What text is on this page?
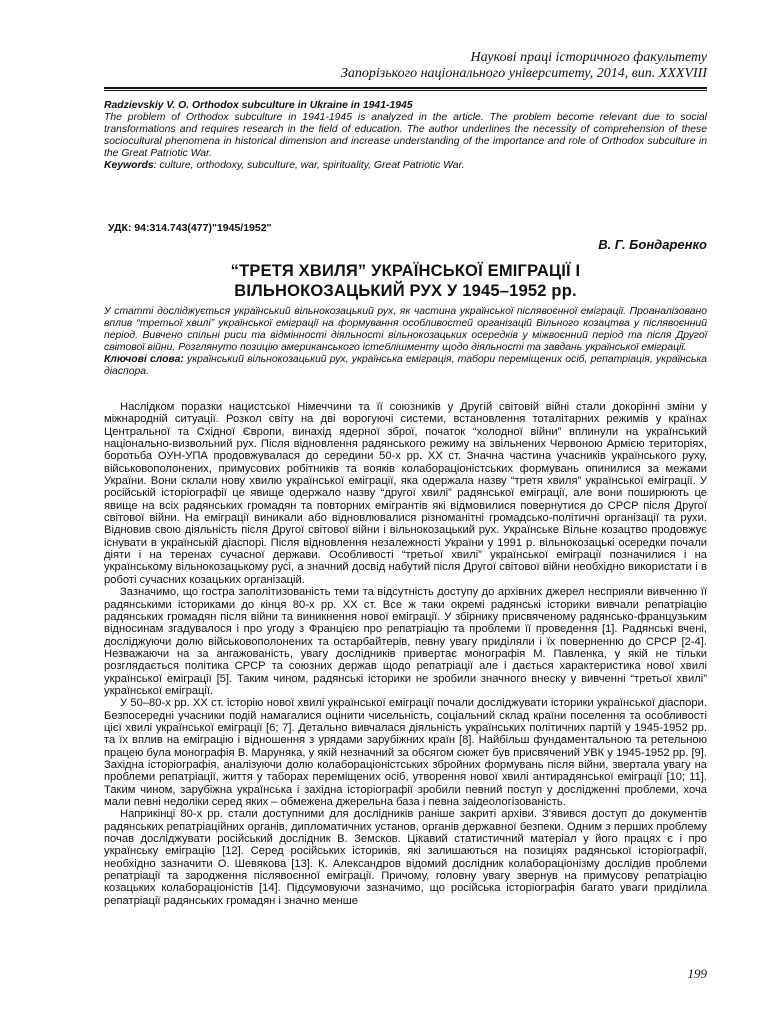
Наукові праці історичного факультету
Запорізького національного університету, 2014, вип. XXXVIII
Radzievskiy V. O. Orthodox subculture in Ukraine in 1941-1945
The problem of Orthodox subculture in 1941-1945 is analyzed in the article. The problem become relevant due to social transformations and requires research in the field of education. The author underlines the necessity of comprehension of these sociocultural phenomena in historical dimension and increase understanding of the importance and role of Orthodox subculture in the Great Patriotic War.
Keywords: culture, orthodoxy, subculture, war, spirituality, Great Patriotic War.
УДК: 94:314.743(477)"1945/1952"
В. Г. Бондаренко
“ТРЕТЯ ХВИЛЯ” УКРАЇНСЬКОЇ ЕМІГРАЦІЇ І
ВІЛЬНОКОЗАЦЬКИЙ РУХ У 1945–1952 рр.
У статті досліджується український вільнокозацький рух, як частина української післявоєнної еміграції. Проаналізовано вплив “третьої хвилі” української еміграції на формування особливостей організацій Вільного козацтва у післявоєнний період. Вивчено спільні риси та відмінності діяльності вільнокозацьких осередків у міжвоєнний період та після Другої світової війни. Розглянуто позицію американського істеблішменту щодо діяльності та завдань української еміграції.
Ключові слова: український вільнокозацький рух, українська еміграція, табори переміщених осіб, репатріація, українська діаспора.

Наслідком поразки нацистської Німеччини та її союзників у Другій світовій війні стали докорінні зміни у міжнародній ситуації. Розкол світу на дві ворогуючі системи, встановлення тоталітарних режимів у країнах Центральної та Східної Європи, винахід ядерної зброї, початок “холодної війни” вплинули на український національно-визвольний рух. Після відновлення радянського режиму на звільнених Червоною Армією територіях, боротьба ОУН-УПА продовжувалася до середини 50-х рр. ХХ ст. Значна частина учасників українського руху, військовополонених, примусових робітників та вояків колабораціоністських формувань опинилися за межами України. Вони склали нову хвилю української еміграції, яка одержала назву “третя хвиля” української еміграції. У російській історіографії це явище одержало назву “другої хвилі” радянської еміграції, але вони поширюють це явище на всіх радянських громадян та повторних емігрантів які відмовилися повернутися до СРСР після Другої світової війни. На еміграції виникали або відновлювалися різноманітні громадсько-політичні організації та рухи. Відновив свою діяльність після Другої світової війни і вільнокозацький рух. Українське Вільне козацтво продовжує існувати в українській діаспорі. Після відновлення незалежності України у 1991 р. вільнокозацькі осередки почали діяти і на теренах сучасної держави. Особливості “третьої хвилі” української еміграції позначилися і на українському вільнокозацькому русі, а значний досвід набутий після Другої світової війни необхідно використати і в роботі сучасних козацьких організацій.

Зазначимо, що гостра заполітизованість теми та відсутність доступу до архівних джерел несприяли вивченню її радянськими істориками до кінця 80-х рр. ХХ ст. Все ж таки окремі радянські історики вивчали репатріацію радянських громадян після війни та виникнення нової еміграції. У збірнику присвяченому радянсько-французьким відносинам згадувалося і про угоду з Францією про репатріацію та проблеми її проведення [1]. Радянські вчені, досліджуючи долю військовополонених та остарбайтерів, певну увагу приділяли і їх поверненню до СРСР [2-4]. Незважаючи на за ангажованість, увагу дослідників привертає монографія М. Павленка, у якій не тільки розглядається політика СРСР та союзних держав щодо репатріації але і дається характеристика нової хвилі української еміграції [5]. Таким чином, радянські історики не зробили значного внеску у вивченні “третьої хвилі” української еміграції.

У 50–80-х рр. ХХ ст. історію нової хвилі української еміграції почали досліджувати історики української діаспори. Безпосередні учасники подій намагалися оцінити чисельність, соціальний склад країни поселення та особливості цієї хвилі української еміграції [6; 7]. Детально вивчалася діяльність українських політичних партій у 1945-1952 рр. та їх вплив на еміграцію і відношення з урядами зарубіжних країн [8]. Найбільш фундаментальною та ретельною працею була монографія В. Маруняка, у якій незначний за обсягом сюжет був присвячений УВК у 1945-1952 рр. [9]. Західна історіографія, аналізуючи долю колабораціоністських збройних формувань після війни, звертала увагу на проблеми репатріації, життя у таборах переміщених осіб, утворення нової хвилі антирадянської еміграції [10; 11]. Таким чином, зарубіжна українська і західна історіографії зробили певний поступ у дослідженні проблеми, хоча мали певні недоліки серед яких – обмежена джерельна база і певна заідеологізованість.

Наприкінці 80-х рр. стали доступними для дослідників раніше закриті архіви. З'явився доступ до документів радянських репатріаційних органів, дипломатичних установ, органів державної безпеки. Одним з перших проблему почав досліджувати російський дослідник В. Земсков. Цікавий статистичний матеріал у його працях є і про українську еміграцію [12]. Серед російських істориків, які залишаються на позиціях радянської історіографії, необхідно зазначити О. Шевякова [13]. К. Александров відомий дослідник колабораціонізму дослідив проблеми репатріації та зародження післявоєнної еміграції. Причому, головну увагу звернув на примусову репатріацію козацьких колабораціоністів [14]. Підсумовуючи зазначимо, що російська історіографія багато уваги приділила репатріації радянських громадян і значно менше

199
